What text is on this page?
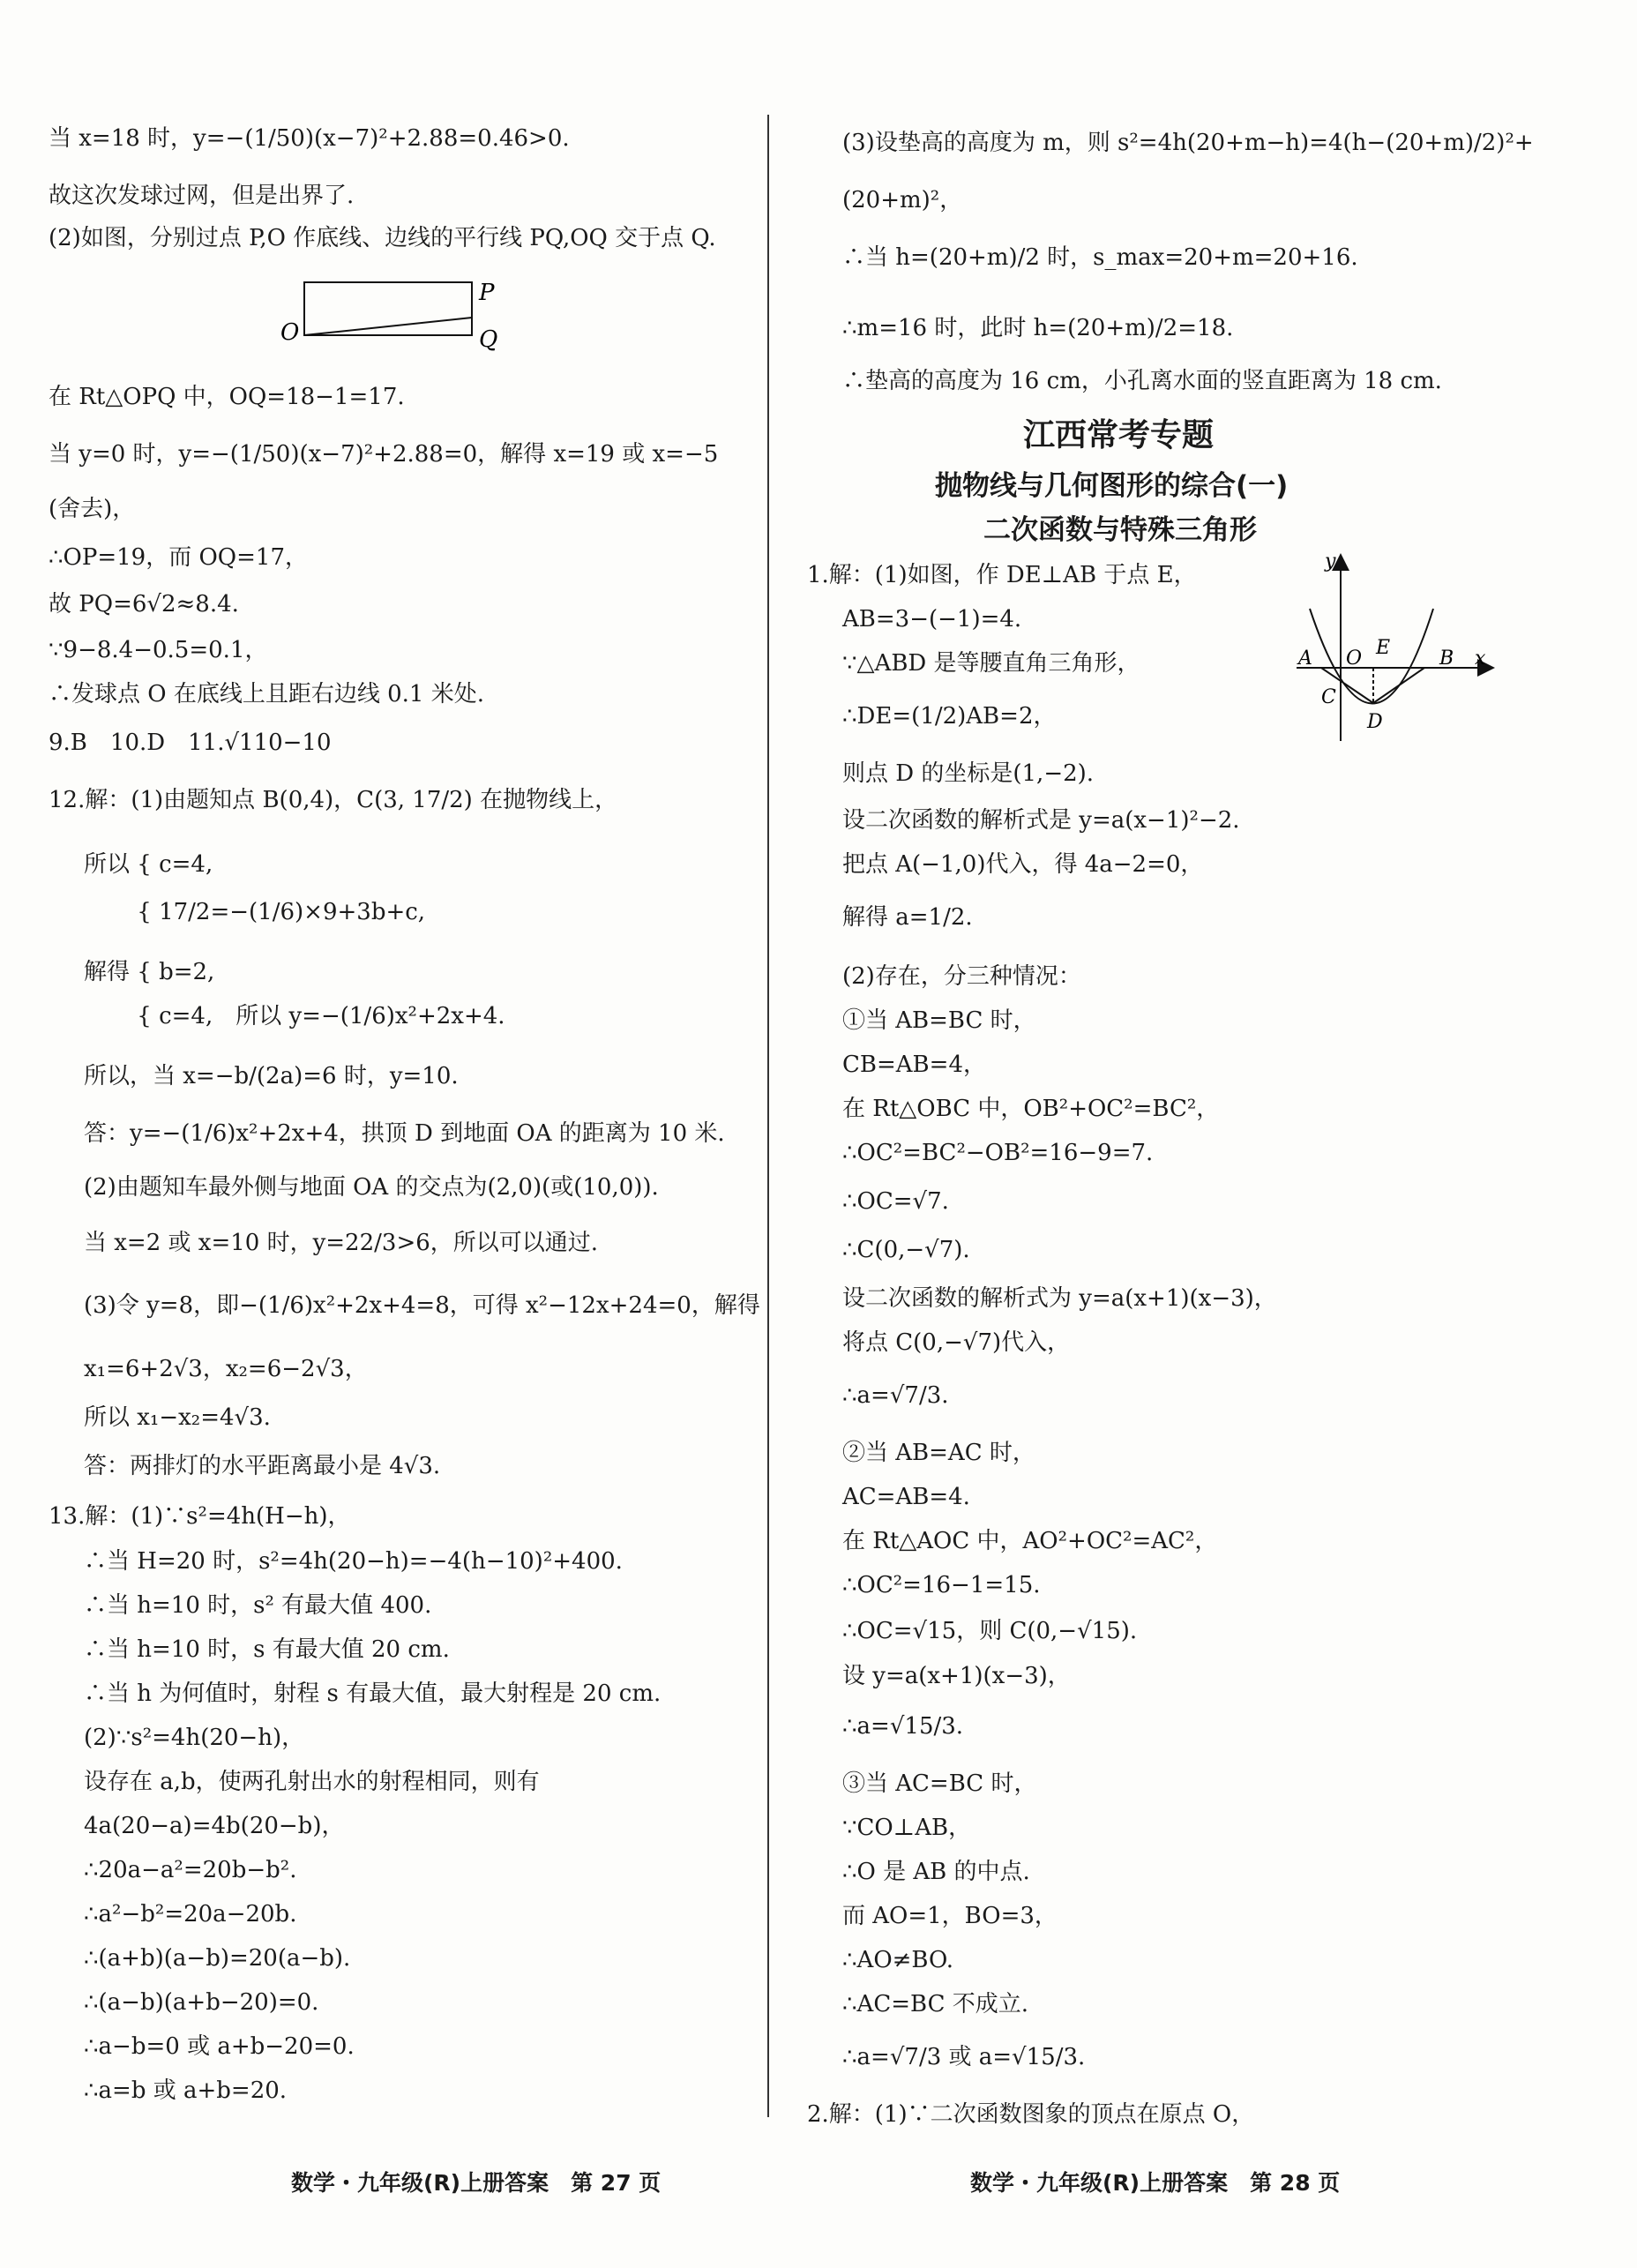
当 x=18 时，y=−(1/50)(x−7)²+2.88=0.46>0.
故这次发球过网，但是出界了.
(2)如图，分别过点 P,O 作底线、边线的平行线 PQ,OQ 交于点 Q.
O
P
Q
在 Rt△OPQ 中，OQ=18−1=17.
当 y=0 时，y=−(1/50)(x−7)²+2.88=0，解得 x=19 或 x=−5
(舍去)，
∴OP=19，而 OQ=17，
故 PQ=6√2≈8.4.
∵9−8.4−0.5=0.1，
∴发球点 O 在底线上且距右边线 0.1 米处.
9.B　10.D　11.√110−10
12.解：(1)由题知点 B(0,4)，C(3, 17/2) 在抛物线上，
所以 { c=4,
　　 { 17/2=−(1/6)×9+3b+c,
解得 { b=2,
　　 { c=4,　所以 y=−(1/6)x²+2x+4.
所以，当 x=−b/(2a)=6 时，y=10.
答：y=−(1/6)x²+2x+4，拱顶 D 到地面 OA 的距离为 10 米.
(2)由题知车最外侧与地面 OA 的交点为(2,0)(或(10,0)).
当 x=2 或 x=10 时，y=22/3>6，所以可以通过.
(3)令 y=8，即−(1/6)x²+2x+4=8，可得 x²−12x+24=0，解得
x₁=6+2√3，x₂=6−2√3，
所以 x₁−x₂=4√3.
答：两排灯的水平距离最小是 4√3.
13.解：(1)∵s²=4h(H−h)，
∴当 H=20 时，s²=4h(20−h)=−4(h−10)²+400.
∴当 h=10 时，s² 有最大值 400.
∴当 h=10 时，s 有最大值 20 cm.
∴当 h 为何值时，射程 s 有最大值，最大射程是 20 cm.
(2)∵s²=4h(20−h)，
设存在 a,b，使两孔射出水的射程相同，则有
4a(20−a)=4b(20−b)，
∴20a−a²=20b−b².
∴a²−b²=20a−20b.
∴(a+b)(a−b)=20(a−b).
∴(a−b)(a+b−20)=0.
∴a−b=0 或 a+b−20=0.
∴a=b 或 a+b=20.
(3)设垫高的高度为 m，则 s²=4h(20+m−h)=4(h−(20+m)/2)²+
(20+m)²，
∴当 h=(20+m)/2 时，s_max=20+m=20+16.
∴m=16 时，此时 h=(20+m)/2=18.
∴垫高的高度为 16 cm，小孔离水面的竖直距离为 18 cm.
江西常考专题
抛物线与几何图形的综合(一)
二次函数与特殊三角形
1.解：(1)如图，作 DE⊥AB 于点 E，
AB=3−(−1)=4.
∵△ABD 是等腰直角三角形，
∴DE=(1/2)AB=2，
则点 D 的坐标是(1,−2).
设二次函数的解析式是 y=a(x−1)²−2.
把点 A(−1,0)代入，得 4a−2=0，
解得 a=1/2.
(2)存在，分三种情况：
①当 AB=BC 时，
CB=AB=4，
在 Rt△OBC 中，OB²+OC²=BC²，
∴OC²=BC²−OB²=16−9=7.
∴OC=√7.
∴C(0,−√7).
设二次函数的解析式为 y=a(x+1)(x−3)，
将点 C(0,−√7)代入，
∴a=√7/3.
②当 AB=AC 时，
AC=AB=4.
在 Rt△AOC 中，AO²+OC²=AC²，
∴OC²=16−1=15.
∴OC=√15，则 C(0,−√15).
设 y=a(x+1)(x−3)，
∴a=√15/3.
③当 AC=BC 时，
∵CO⊥AB，
∴O 是 AB 的中点.
而 AO=1，BO=3，
∴AO≠BO.
∴AC=BC 不成立.
∴a=√7/3 或 a=√15/3.
2.解：(1)∵二次函数图象的顶点在原点 O，
y
x
A O E	B
C
D
数学・九年级(R)上册答案　第 27 页	数学・九年级(R)上册答案　第 28 页
